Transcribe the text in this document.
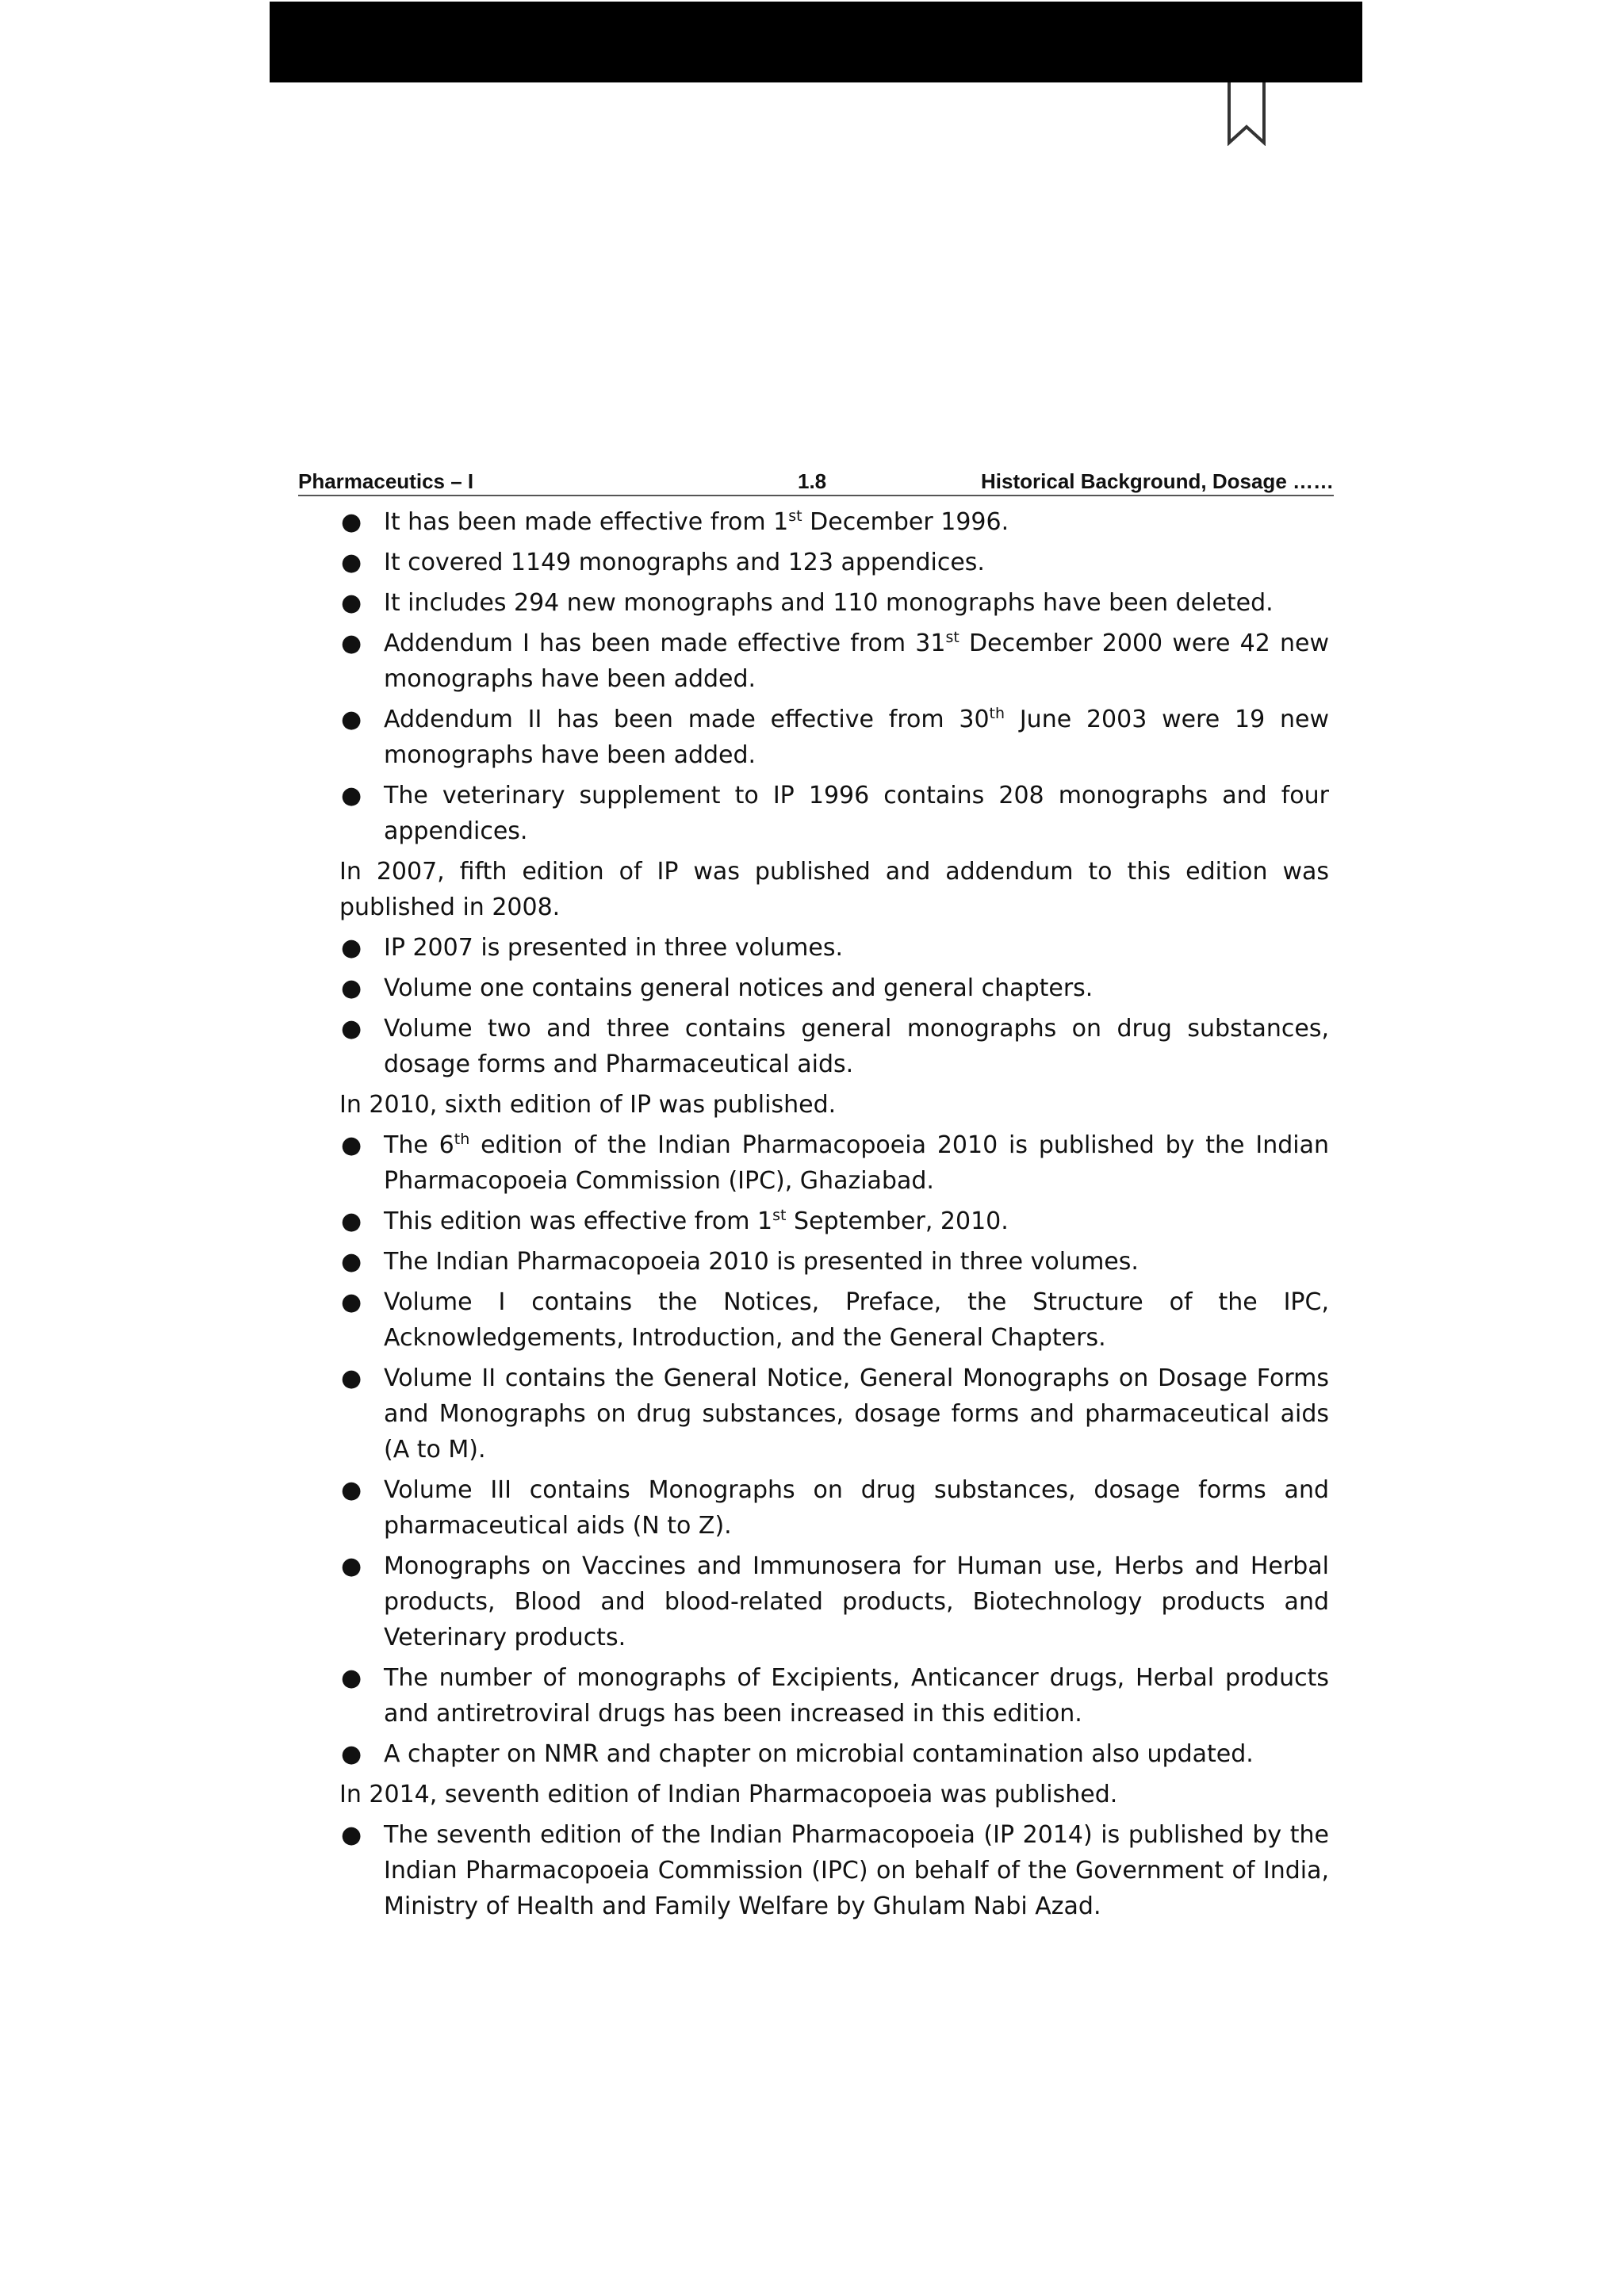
Pharmaceutics – I	1.8	Historical Background, Dosage ……
● It has been made effective from 1st December 1996.
● It covered 1149 monographs and 123 appendices.
● It includes 294 new monographs and 110 monographs have been deleted.
● Addendum I has been made effective from 31st December 2000 were 42 new monographs have been added.
● Addendum II has been made effective from 30th June 2003 were 19 new monographs have been added.
● The veterinary supplement to IP 1996 contains 208 monographs and four appendices.
In 2007, fifth edition of IP was published and addendum to this edition was published in 2008.
● IP 2007 is presented in three volumes.
● Volume one contains general notices and general chapters.
● Volume two and three contains general monographs on drug substances, dosage forms and Pharmaceutical aids.
In 2010, sixth edition of IP was published.
● The 6th edition of the Indian Pharmacopoeia 2010 is published by the Indian Pharmacopoeia Commission (IPC), Ghaziabad.
● This edition was effective from 1st September, 2010.
● The Indian Pharmacopoeia 2010 is presented in three volumes.
● Volume I contains the Notices, Preface, the Structure of the IPC, Acknowledgements, Introduction, and the General Chapters.
● Volume II contains the General Notice, General Monographs on Dosage Forms and Monographs on drug substances, dosage forms and pharmaceutical aids (A to M).
● Volume III contains Monographs on drug substances, dosage forms and pharmaceutical aids (N to Z).
● Monographs on Vaccines and Immunosera for Human use, Herbs and Herbal products, Blood and blood-related products, Biotechnology products and Veterinary products.
● The number of monographs of Excipients, Anticancer drugs, Herbal products and antiretroviral drugs has been increased in this edition.
● A chapter on NMR and chapter on microbial contamination also updated.
In 2014, seventh edition of Indian Pharmacopoeia was published.
● The seventh edition of the Indian Pharmacopoeia (IP 2014) is published by the Indian Pharmacopoeia Commission (IPC) on behalf of the Government of India, Ministry of Health and Family Welfare by Ghulam Nabi Azad.
